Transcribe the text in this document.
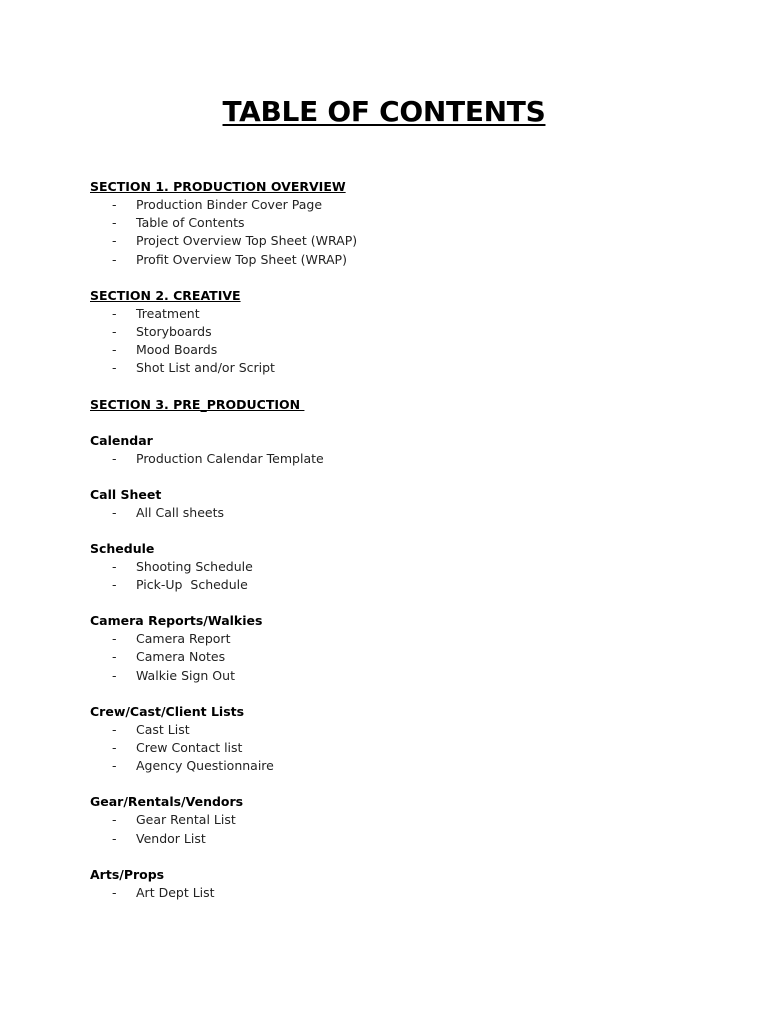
TABLE OF CONTENTS
SECTION 1. PRODUCTION OVERVIEW
- Production Binder Cover Page
- Table of Contents
- Project Overview Top Sheet (WRAP)
- Profit Overview Top Sheet (WRAP)
SECTION 2. CREATIVE
- Treatment
- Storyboards
- Mood Boards
- Shot List and/or Script
SECTION 3. PRE_PRODUCTION
Calendar
- Production Calendar Template
Call Sheet
- All Call sheets
Schedule
- Shooting Schedule
- Pick-Up  Schedule
Camera Reports/Walkies
- Camera Report
- Camera Notes
- Walkie Sign Out
Crew/Cast/Client Lists
- Cast List
- Crew Contact list
- Agency Questionnaire
Gear/Rentals/Vendors
- Gear Rental List
- Vendor List
Arts/Props
- Art Dept List
